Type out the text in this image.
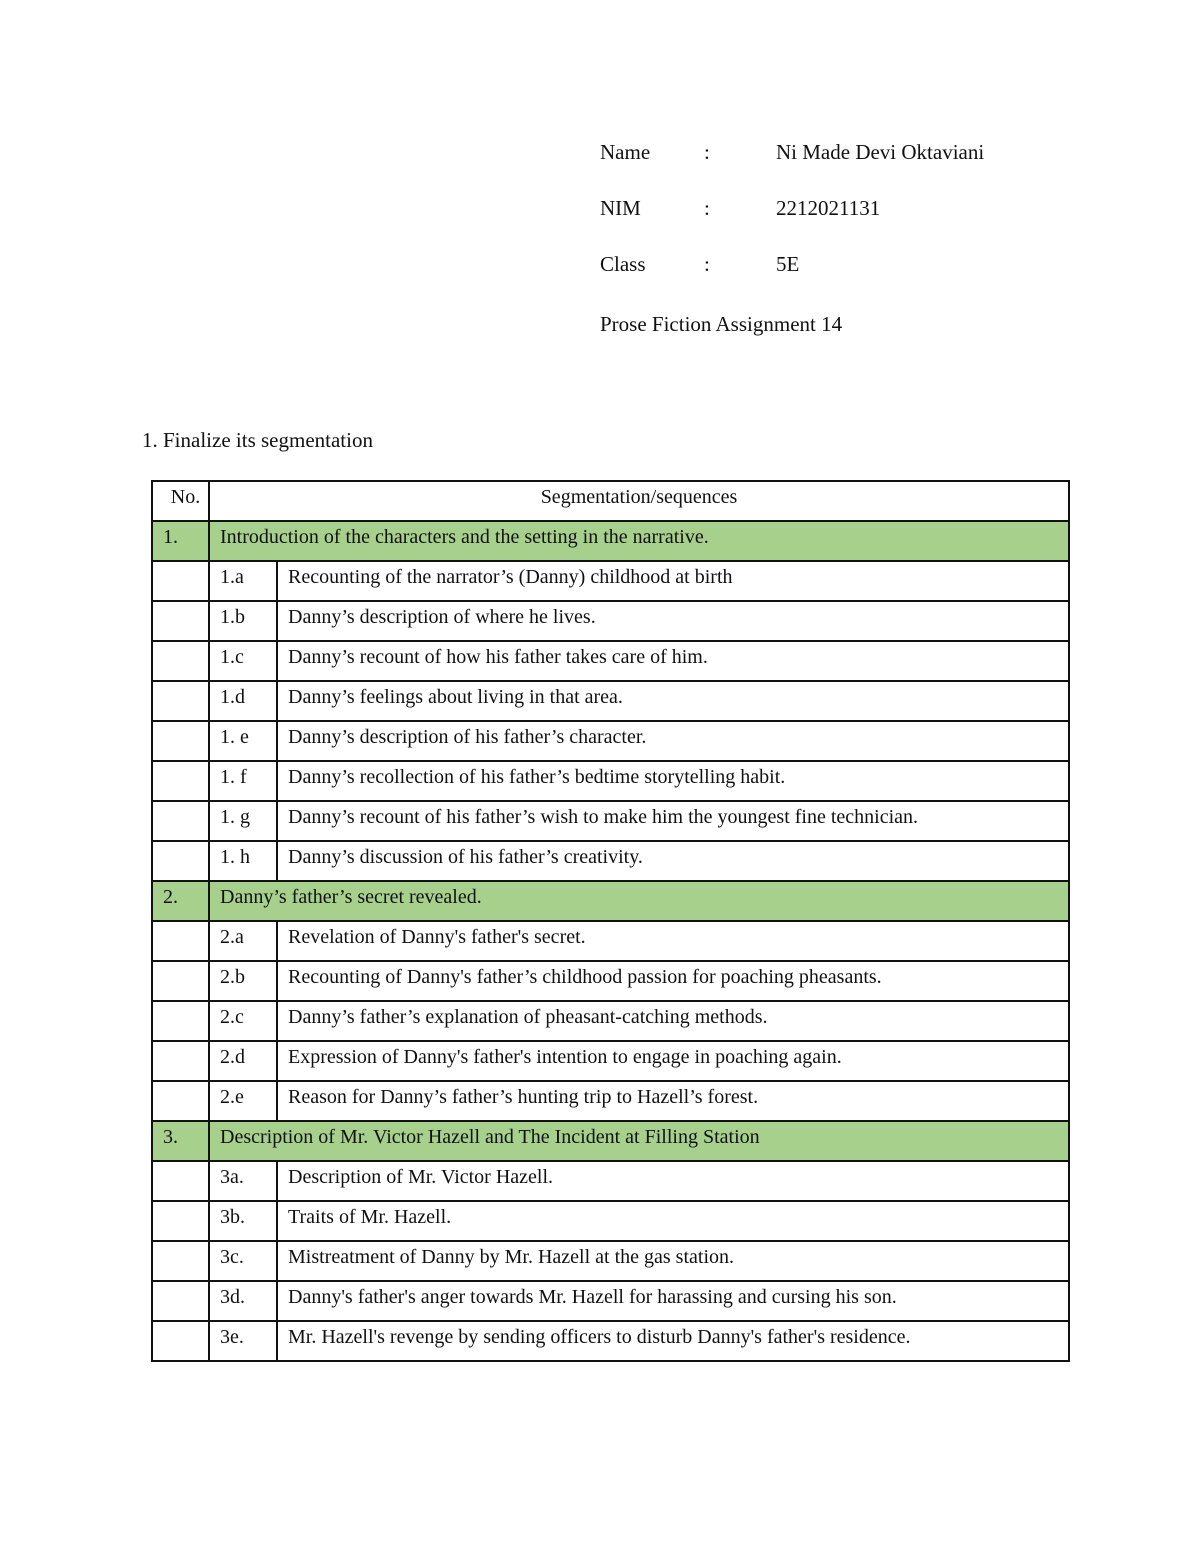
Name	:	Ni Made Devi Oktaviani
NIM	:	2212021131
Class	:	5E
Prose Fiction Assignment 14
1. Finalize its segmentation
No.	Segmentation/sequences	
1.	Introduction of the characters and the setting in the narrative.	
	1.a	Recounting of the narrator’s (Danny) childhood at birth
	1.b	Danny’s description of where he lives.
	1.c	Danny’s recount of how his father takes care of him.
	1.d	Danny’s feelings about living in that area.
	1. e	Danny’s description of his father’s character.
	1. f	Danny’s recollection of his father’s bedtime storytelling habit.
	1. g	Danny’s recount of his father’s wish to make him the youngest fine technician.
	1. h	Danny’s discussion of his father’s creativity.
2.	Danny’s father’s secret revealed.	
	2.a	Revelation of Danny's father's secret.
	2.b	Recounting of Danny's father’s childhood passion for poaching pheasants.
	2.c	Danny’s father’s explanation of pheasant-catching methods.
	2.d	Expression of Danny's father's intention to engage in poaching again.
	2.e	Reason for Danny’s father’s hunting trip to Hazell’s forest.
3.	Description of Mr. Victor Hazell and The Incident at Filling Station	
	3a.	Description of Mr. Victor Hazell.
	3b.	Traits of Mr. Hazell.
	3c.	Mistreatment of Danny by Mr. Hazell at the gas station.
	3d.	Danny's father's anger towards Mr. Hazell for harassing and cursing his son.
	3e.	Mr. Hazell's revenge by sending officers to disturb Danny's father's residence.
